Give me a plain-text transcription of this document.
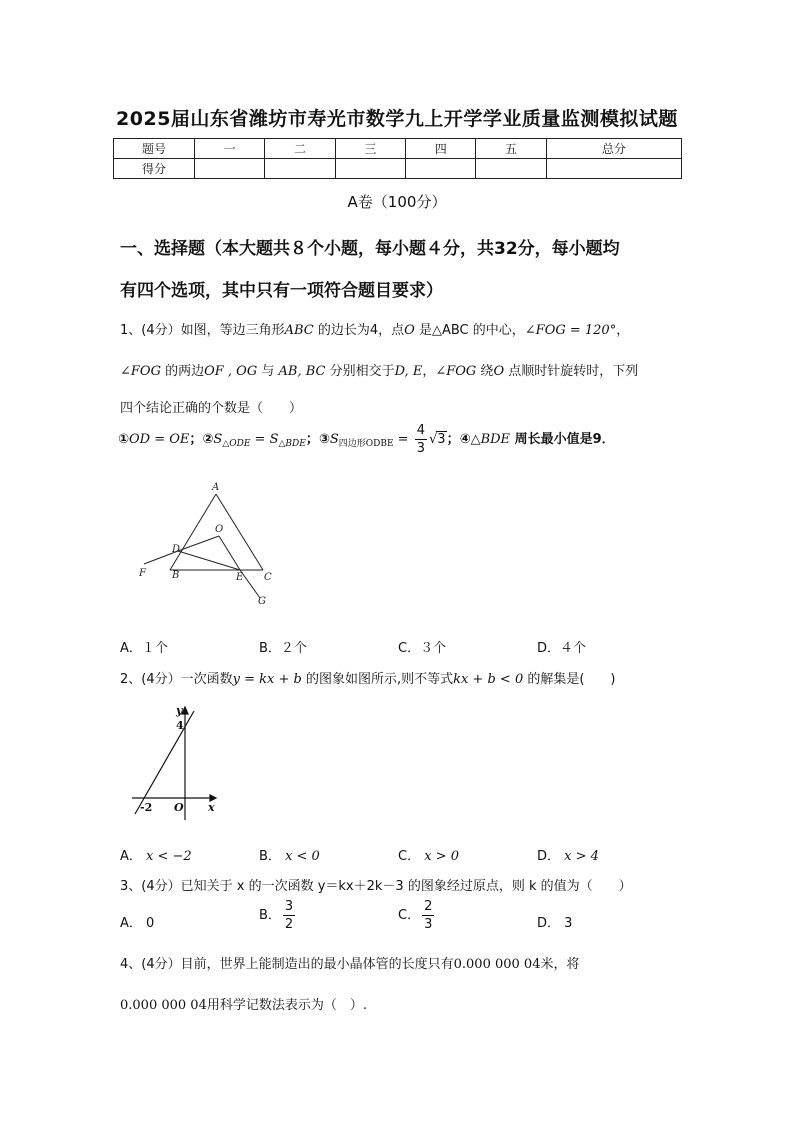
2025届山东省潍坊市寿光市数学九上开学学业质量监测模拟试题
题号	一	二	三	四	五	总分
得分						
A卷（100分）
一、选择题（本大题共８个小题，每小题４分，共32分，每小题均
有四个选项，其中只有一项符合题目要求）
1、(4分）如图，等边三角形ABC 的边长为4，点O 是△ABC 的中心，∠FOG = 120°，
∠FOG 的两边OF , OG 与 AB, BC 分别相交于D, E，∠FOG 绕O 点顺时针旋转时，下列
四个结论正确的个数是（　　）
①OD = OE；$②S_{\triangle ODE} = S_{\triangle BDE}$；$③S_{四边形ODBE} = \frac{4}{3} √3$；④△BDE 周长最小值是9．
A
D
O
F	B	E C
G
A．１个	B．２个	C．３个	D．４个
2、(4分）一次函数y = kx + b 的图象如图所示,则不等式kx + b < 0 的解集是(　　)
y
4
-2 O x
A． x < −2	B． x < 0	C． x > 0	D． x > 4
3、(4分）已知关于 x 的一次函数 y＝kx＋2k－3 的图象经过原点，则 k 的值为（　　）
A． 0
B． $\frac{3}{2}$	C． $\frac{2}{3}$	D． 3
4、(4分）目前，世界上能制造出的最小晶体管的长度只有0.000 000 04米，将
0.000 000 04用科学记数法表示为（　）.
